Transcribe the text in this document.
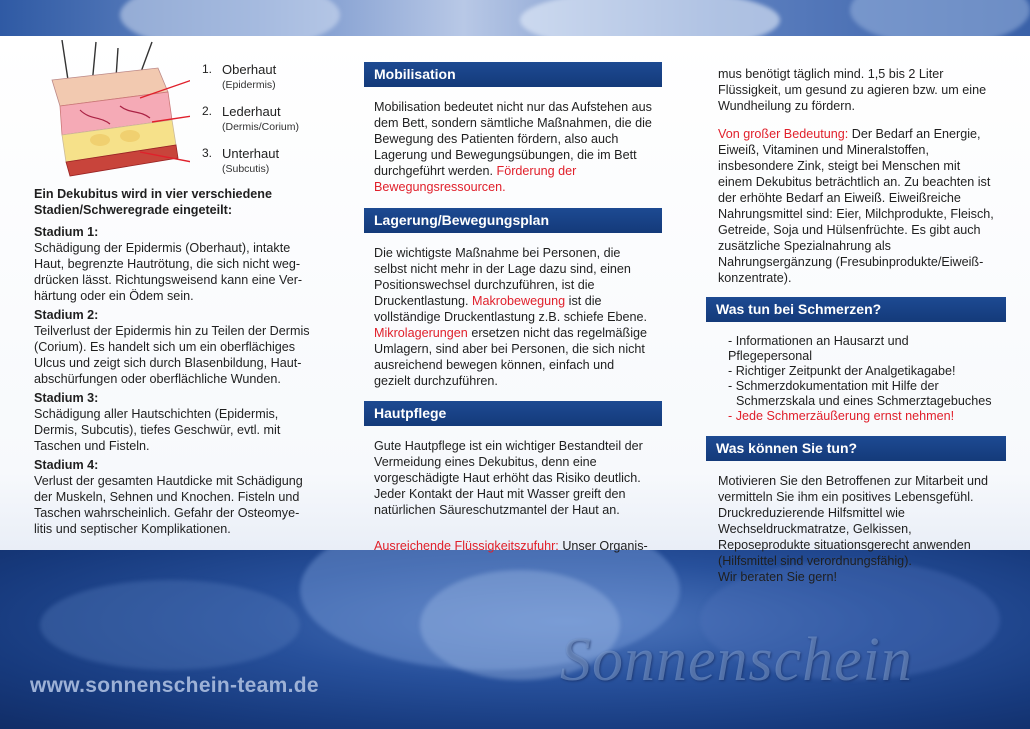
1. Oberhaut
(Epidermis)
2. Lederhaut
(Dermis/Corium)
3. Unterhaut
(Subcutis)
Ein Dekubitus wird in vier verschiedene Stadien/Schweregrade eingeteilt:
Stadium 1:
Schädigung der Epidermis (Oberhaut), intakte Haut, begrenzte Hautrötung, die sich nicht wegdrücken lässt. Richtungsweisend kann eine Verhärtung oder ein Ödem sein.
Stadium 2:
Teilverlust der Epidermis hin zu Teilen der Dermis (Corium). Es handelt sich um ein oberflächiges Ulcus und zeigt sich durch Blasenbildung, Hautabschürfungen oder oberflächliche Wunden.
Stadium 3:
Schädigung aller Hautschichten (Epidermis, Dermis, Subcutis), tiefes Geschwür, evtl. mit Taschen und Fisteln.
Stadium 4:
Verlust der gesamten Hautdicke mit Schädigung der Muskeln, Sehnen und Knochen. Fisteln und Taschen wahrscheinlich. Gefahr der Osteomyelitis und septischer Komplikationen.
Mobilisation
Mobilisation bedeutet nicht nur das Aufstehen aus dem Bett, sondern sämtliche Maßnahmen, die die Bewegung des Patienten fördern, also auch Lagerung und Bewegungsübungen, die im Bett durchgeführt werden. Förderung der Bewegungsressourcen.
Lagerung/Bewegungsplan
Die wichtigste Maßnahme bei Personen, die selbst nicht mehr in der Lage dazu sind, einen Positionswechsel durchzuführen, ist die Druckentlastung. Makrobewegung ist die vollständige Druckentlastung z.B. schiefe Ebene. Mikrolagerungen ersetzen nicht das regelmäßige Umlagern, sind aber bei Personen, die sich nicht ausreichend bewegen können, einfach und gezielt durchzuführen.
Hautpflege
Gute Hautpflege ist ein wichtiger Bestandteil der Vermeidung eines Dekubitus, denn eine vorgeschädigte Haut erhöht das Risiko deutlich. Jeder Kontakt der Haut mit Wasser greift den natürlichen Säureschutzmantel der Haut an.
Ausreichende Flüssigkeitszufuhr: Unser Organis-
mus benötigt täglich mind. 1,5 bis 2 Liter Flüssigkeit, um gesund zu agieren bzw. um eine Wundheilung zu fördern.
Von großer Bedeutung: Der Bedarf an Energie, Eiweiß, Vitaminen und Mineralstoffen, insbesondere Zink, steigt bei Menschen mit einem Dekubitus beträchtlich an. Zu beachten ist der erhöhte Bedarf an Eiweiß. Eiweißreiche Nahrungsmittel sind: Eier, Milchprodukte, Fleisch, Getreide, Soja und Hülsenfrüchte. Es gibt auch zusätzliche Spezialnahrung als Nahrungsergänzung (Fresubinprodukte/Eiweißkonzentrate).
Was tun bei Schmerzen?
- Informationen an Hausarzt und Pflegepersonal
- Richtiger Zeitpunkt der Analgetikagabe!
- Schmerzdokumentation mit Hilfe der Schmerzskala und eines Schmerztagebuches
- Jede Schmerzäußerung ernst nehmen!
Was können Sie tun?
Motivieren Sie den Betroffenen zur Mitarbeit und vermitteln Sie ihm ein positives Lebensgefühl. Druckreduzierende Hilfsmittel wie Wechseldruckmatratze, Gelkissen, Reposeprodukte situationsgerecht anwenden (Hilfsmittel sind verordnungsfähig).
Wir beraten Sie gern!
www.sonnenschein-team.de	Sonnenschein
